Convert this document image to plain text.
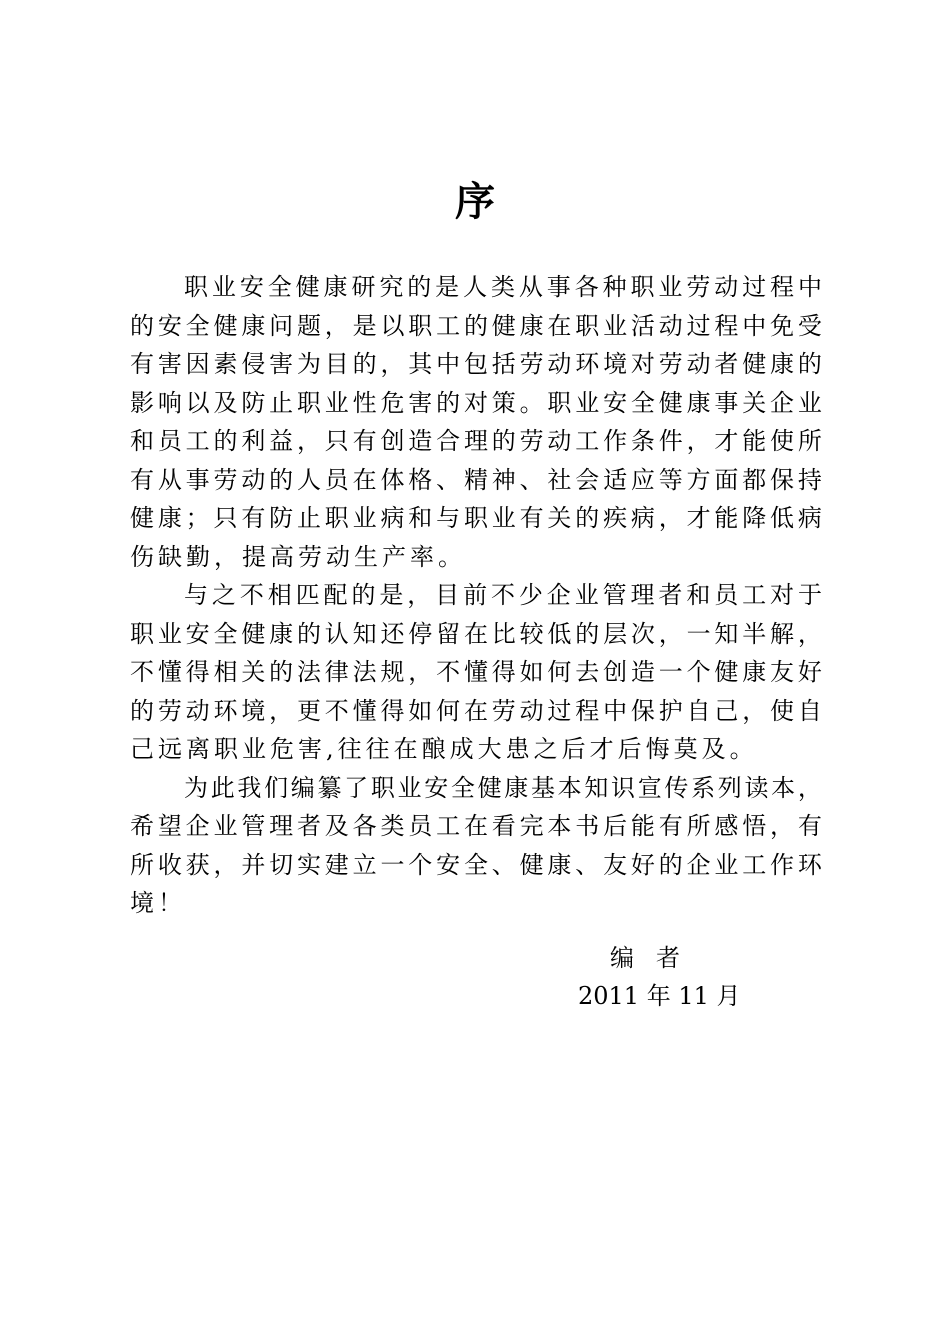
序
职 业 安 全 健 康 研 究 的 是 人 类 从 事 各 种 职 业 劳 动 过 程 中
的 安 全 健 康 问 题 ， 是 以 职 工 的 健 康 在 职 业 活 动 过 程 中 免 受
有 害 因 素 侵 害 为 目 的 ， 其 中 包 括 劳 动 环 境 对 劳 动 者 健 康 的
影 响 以 及 防 止 职 业 性 危 害 的 对 策 。 职 业 安 全 健 康 事 关 企 业
和 员 工 的 利 益 ， 只 有 创 造 合 理 的 劳 动 工 作 条 件 ， 才 能 使 所
有 从 事 劳 动 的 人 员 在 体 格 、 精 神 、 社 会 适 应 等 方 面 都 保 持
健 康 ； 只 有 防 止 职 业 病 和 与 职 业 有 关 的 疾 病 ， 才 能 降 低 病
伤缺勤，提高劳动生产率。
与 之 不 相 匹 配 的 是 ， 目 前 不 少 企 业 管 理 者 和 员 工 对 于
职 业 安 全 健 康 的 认 知 还 停 留 在 比 较 低 的 层 次 ， 一 知 半 解 ，
不 懂 得 相 关 的 法 律 法 规 ， 不 懂 得 如 何 去 创 造 一 个 健 康 友 好
的 劳 动 环 境 ， 更 不 懂 得 如 何 在 劳 动 过 程 中 保 护 自 己 ， 使 自
己远离职业危害,往往在酿成大患之后才后悔莫及。
为 此 我 们 编 纂 了 职 业 安 全 健 康 基 本 知 识 宣 传 系 列 读 本 ，
希 望 企 业 管 理 者 及 各 类 员 工 在 看 完 本 书 后 能 有 所 感 悟 ， 有
所 收 获 ， 并 切 实 建 立 一 个 安 全 、 健 康 、 友 好 的 企 业 工 作 环
境！
编者
2011 年 11 月
